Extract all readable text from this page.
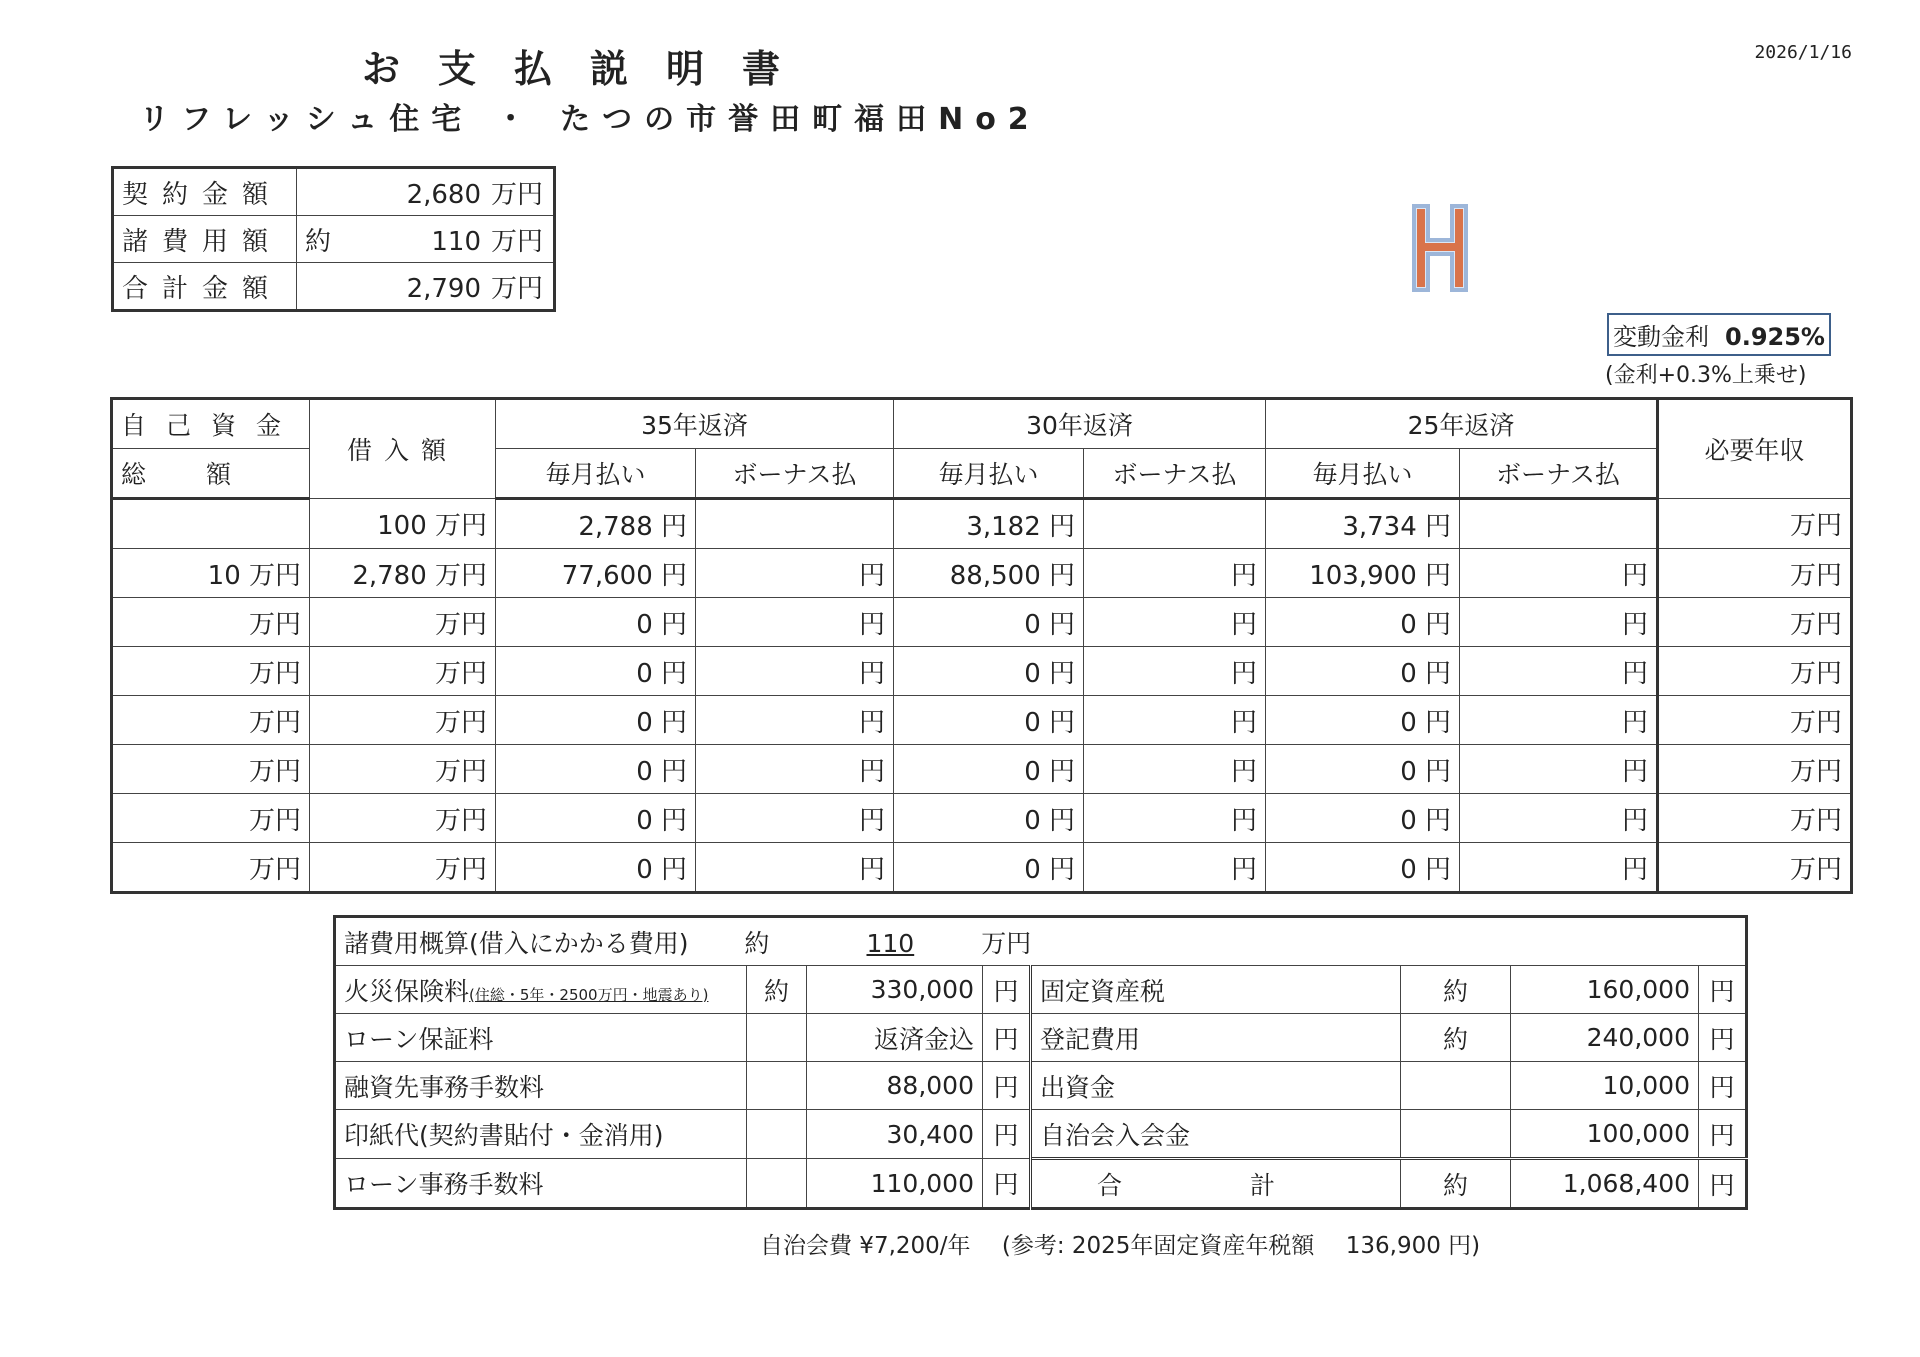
お支払説明書
リフレッシュ住宅 ・ たつの市誉田町福田No2
2026/1/16
契約金額	2,680 万円
諸費用額	約 110 万円
合計金額	2,790 万円
変動金利 0.925%
(金利+0.3%上乗せ)
自己資金	借入額	35年返済		30年返済		25年返済		必要年収
総額		毎月払い	ボーナス払	毎月払い	ボーナス払	毎月払い	ボーナス払	
	100 万円	2,788 円		3,182 円		3,734 円		万円
10 万円	2,780 万円	77,600 円	円	88,500 円	円	103,900 円	円	万円
万円	万円	0 円	円	0 円	円	0 円	円	万円
万円	万円	0 円	円	0 円	円	0 円	円	万円
万円	万円	0 円	円	0 円	円	0 円	円	万円
万円	万円	0 円	円	0 円	円	0 円	円	万円
万円	万円	0 円	円	0 円	円	0 円	円	万円
万円	万円	0 円	円	0 円	円	0 円	円	万円
諸費用概算(借入にかかる費用) 約 110 万円							
火災保険料(住総・5年・2500万円・地震あり)	約	330,000	円	固定資産税	約	160,000	円
ローン保証料		返済金込	円	登記費用	約	240,000	円
融資先事務手数料		88,000	円	出資金		10,000	円
印紙代(契約書貼付・金消用)		30,400	円	自治会入会金		100,000	円
ローン事務手数料		110,000	円	合 計	約	1,068,400	円
自治会費 ¥7,200/年 (参考: 2025年固定資産年税額 136,900 円)
